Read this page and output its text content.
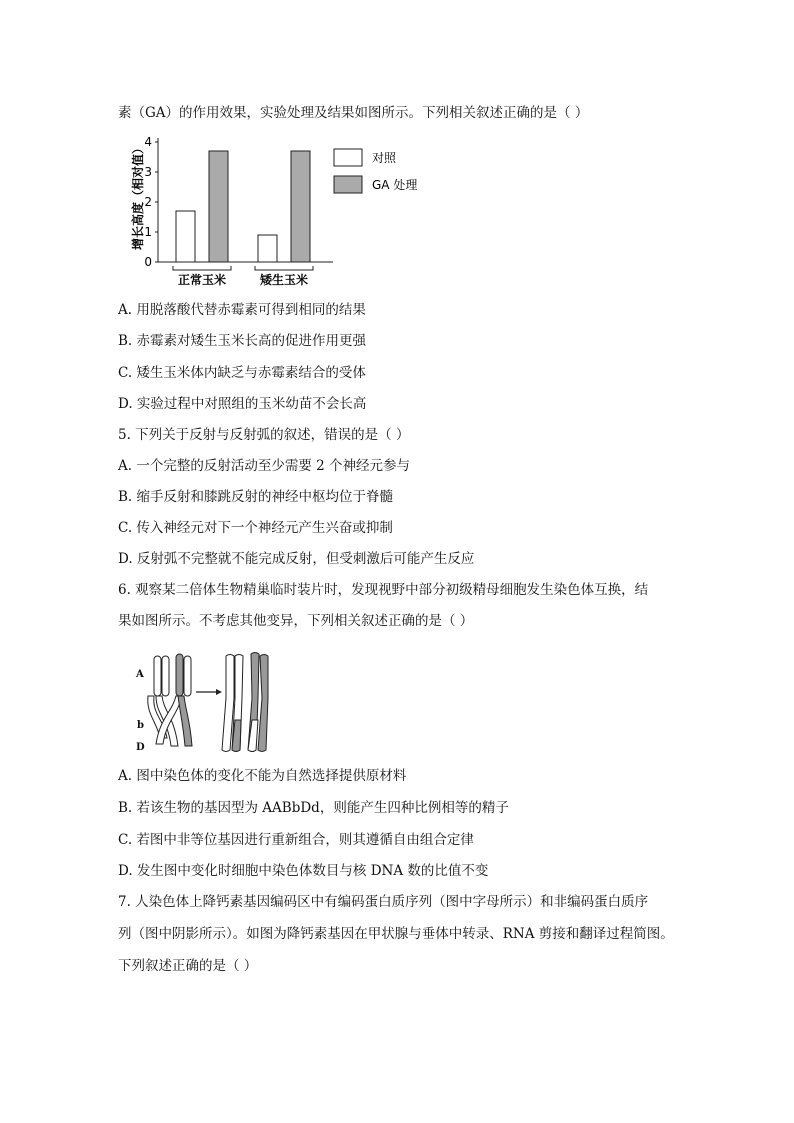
素（GA）的作用效果，实验处理及结果如图所示。下列相关叙述正确的是（ ）
增长高度（相对值）
0
1
2
3
4
正常玉米	矮生玉米
对照
GA 处理
A. 用脱落酸代替赤霉素可得到相同的结果
B. 赤霉素对矮生玉米长高的促进作用更强
C. 矮生玉米体内缺乏与赤霉素结合的受体
D. 实验过程中对照组的玉米幼苗不会长高
5. 下列关于反射与反射弧的叙述，错误的是（ ）
A. 一个完整的反射活动至少需要 2 个神经元参与
B. 缩手反射和膝跳反射的神经中枢均位于脊髓
C. 传入神经元对下一个神经元产生兴奋或抑制
D. 反射弧不完整就不能完成反射，但受刺激后可能产生反应
6. 观察某二倍体生物精巢临时装片时，发现视野中部分初级精母细胞发生染色体互换，结
果如图所示。不考虑其他变异，下列相关叙述正确的是（ ）
A
b
D
A. 图中染色体的变化不能为自然选择提供原材料
B. 若该生物的基因型为 AABbDd，则能产生四种比例相等的精子
C. 若图中非等位基因进行重新组合，则其遵循自由组合定律
D. 发生图中变化时细胞中染色体数目与核 DNA 数的比值不变
7. 人染色体上降钙素基因编码区中有编码蛋白质序列（图中字母所示）和非编码蛋白质序
列（图中阴影所示）。如图为降钙素基因在甲状腺与垂体中转录、RNA 剪接和翻译过程简图。
下列叙述正确的是（ ）
